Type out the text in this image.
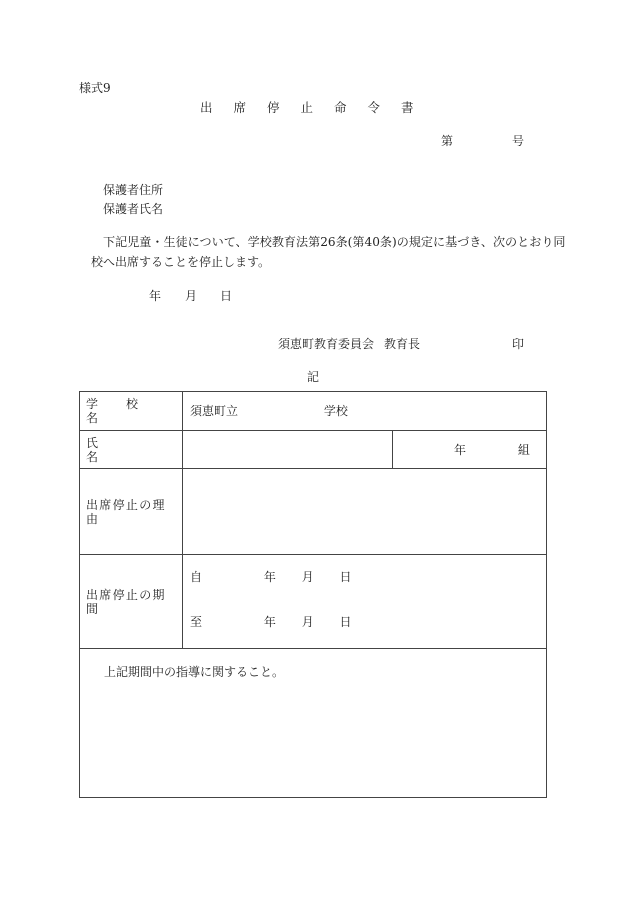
様式9
出席停止命令書
第	号
保護者住所
保護者氏名
下記児童・生徒について、学校教育法第26条(第40条)の規定に基づき、次のとおり同
校へ出席することを停止します。
年 月 日
須恵町教育委員会 教育長	印
記
学校名	須恵町立 学校	
氏名		年 組
出席停止の理由		
出席停止の期間	自 年 月 日
至 年 月 日	

上記期間中の指導に関すること。		
